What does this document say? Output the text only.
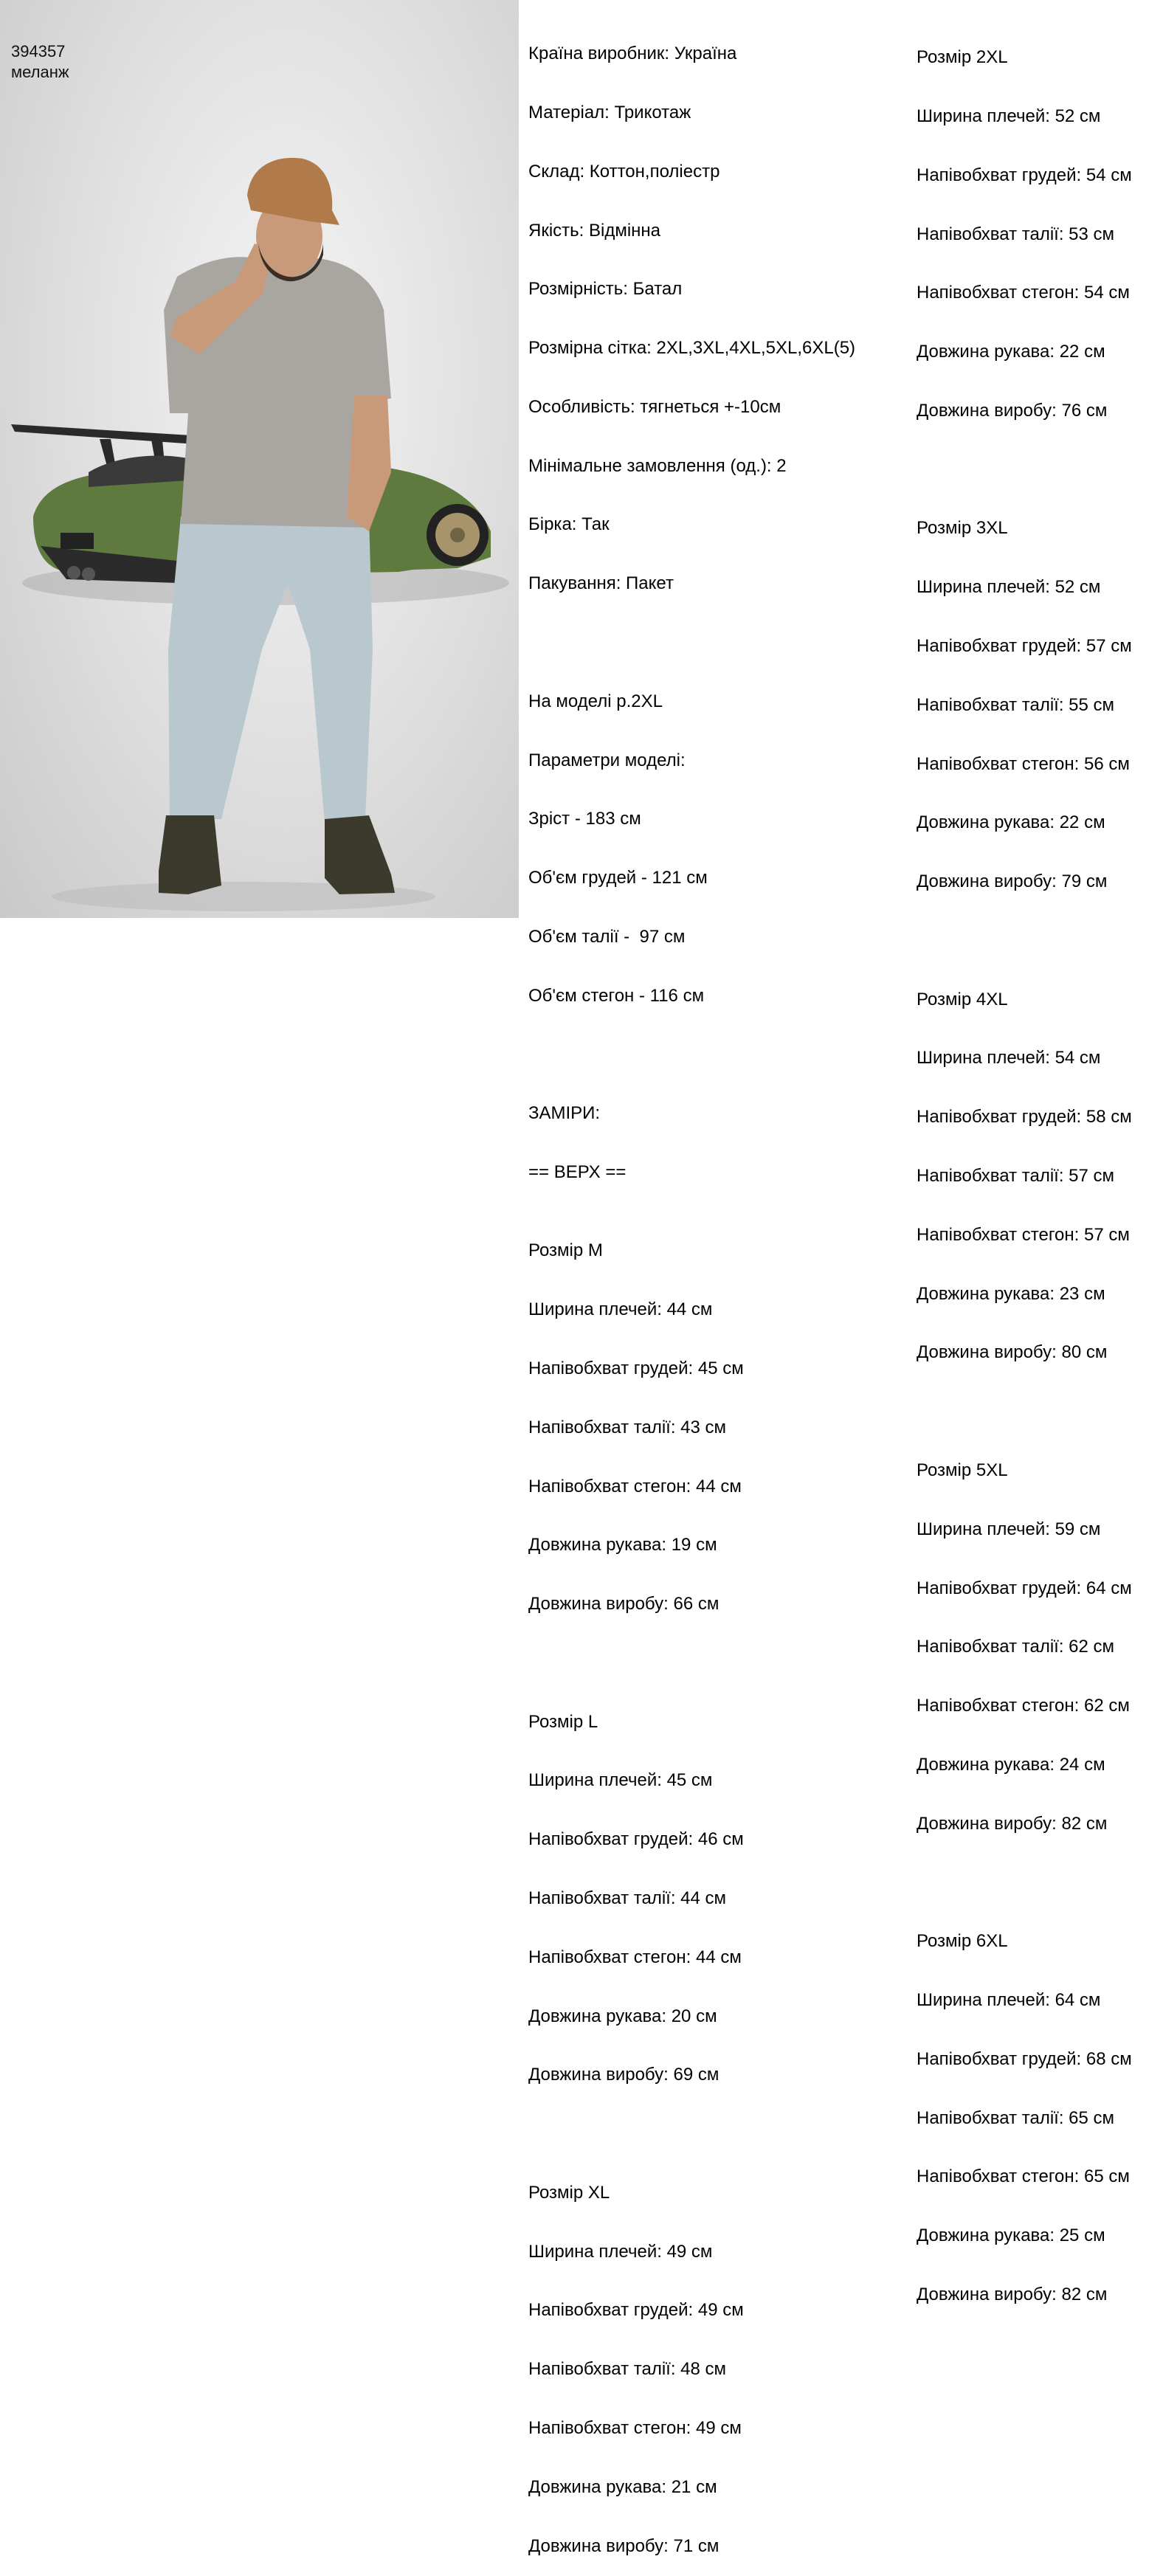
394357
меланж

Країна виробник: Україна

Матеріал: Трикотаж

Склад: Коттон,поліестр

Якість: Відмінна

Розмірність: Батал

Розмірна сітка: 2XL,3XL,4XL,5XL,6XL(5)

Особливість: тягнеться +-10см

Мінімальне замовлення (од.): 2

Бірка: Так

Пакування: Пакет

На моделі р.2XL

Параметри моделі:

Зріст - 183 см

Об'єм грудей - 121 см

Об'єм талії -  97 см

Об'єм стегон - 116 см

ЗАМІРИ:

== ВЕРХ ==

Розмір М

Ширина плечей: 44 см

Напівобхват грудей: 45 см

Напівобхват талії: 43 см

Напівобхват стегон: 44 см

Довжина рукава: 19 см

Довжина виробу: 66 см

Розмір L

Ширина плечей: 45 см

Напівобхват грудей: 46 см

Напівобхват талії: 44 см

Напівобхват стегон: 44 см

Довжина рукава: 20 см

Довжина виробу: 69 см

Розмір XL

Ширина плечей: 49 см

Напівобхват грудей: 49 см

Напівобхват талії: 48 см

Напівобхват стегон: 49 см

Довжина рукава: 21 см

Довжина виробу: 71 см

Розмір 2XL

Ширина плечей: 52 см

Напівобхват грудей: 54 см

Напівобхват талії: 53 см

Напівобхват стегон: 54 см

Довжина рукава: 22 см

Довжина виробу: 76 см

Розмір 3XL

Ширина плечей: 52 см

Напівобхват грудей: 57 см

Напівобхват талії: 55 см

Напівобхват стегон: 56 см

Довжина рукава: 22 см

Довжина виробу: 79 см

Розмір 4XL

Ширина плечей: 54 см

Напівобхват грудей: 58 см

Напівобхват талії: 57 см

Напівобхват стегон: 57 см

Довжина рукава: 23 см

Довжина виробу: 80 см

Розмір 5XL

Ширина плечей: 59 см

Напівобхват грудей: 64 см

Напівобхват талії: 62 см

Напівобхват стегон: 62 см

Довжина рукава: 24 см

Довжина виробу: 82 см

Розмір 6XL

Ширина плечей: 64 см

Напівобхват грудей: 68 см

Напівобхват талії: 65 см

Напівобхват стегон: 65 см

Довжина рукава: 25 см

Довжина виробу: 82 см
